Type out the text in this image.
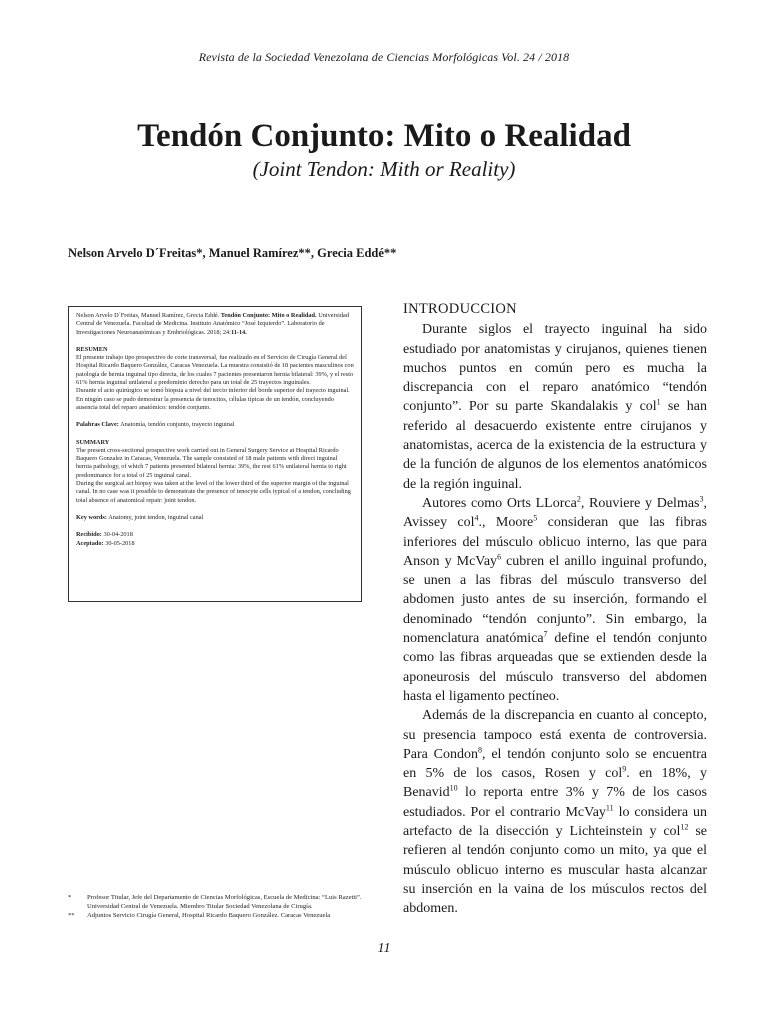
Revista de la Sociedad Venezolana de Ciencias Morfológicas Vol. 24 / 2018
Tendón Conjunto: Mito o Realidad
(Joint Tendon: Mith or Reality)
Nelson Arvelo D´Freitas*, Manuel Ramírez**, Grecia Eddé**

Nelson Arvelo D´Freitas, Manuel Ramírez, Grecia Eddé. Tendón Conjunto: Mito o Realidad. Universidad Central de Venezuela. Facultad de Medicina. Instituto Anatómico “José Izquierdo”. Laboratorio de Investigaciones Neuroanatómicas y Embriológicas. 2018; 24:11-14.

RESUMEN

El presente trabajo tipo prospectivo de corte transversal, fue realizado en el Servicio de Cirugía General del Hospital Ricardo Baquero González, Caracas Venezuela. La muestra consistió de 18 pacientes masculinos con patología de hernia inguinal tipo directa, de los cuales 7 pacientes presentaron hernia bilateral: 39%, y el resto 61% hernia inguinal unilateral a predominio derecho para un total de 25 trayectos inguinales.

Durante el acto quirúrgico se tomó biopsia a nivel del tercio inferior del borde superior del trayecto inguinal. En ningún caso se pudo demostrar la presencia de tenocitos, células típicas de un tendón, concluyendo ausencia total del reparo anatómico: tendón conjunto.

Palabras Clave: Anatomía, tendón conjunto, trayecto inguinal

SUMMARY

The present cross-sectional prospective work carried out in General Surgery Service at Hospital Ricardo Baquero Gonzalez in Caracas, Venezuela. The sample consisted of 18 male patients with direct inguinal hernia pathology, of which 7 patients presented bilateral hernia: 39%, the rest 61% unilateral hernia to right predominance for a total of 25 inguinal canal.

During the surgical act biopsy was taken at the level of the lower third of the superior margin of the inguinal canal. In no case was it possible to demonstrate the presence of tenocyte cells typical of a tendon, concluding total absence of anatomical repair: joint tendon.

Key words: Anatomy, joint tendon, inguinal canal

Recibido: 30-04-2018

Aceptado: 30-05-2018

INTRODUCCION

Durante siglos el trayecto inguinal ha sido estudiado por anatomistas y cirujanos, quienes tienen muchos puntos en común pero es mucha la discrepancia con el reparo anatómico “tendón conjunto”. Por su parte Skandalakis y col$^1$ se han referido al desacuerdo existente entre cirujanos y anatomistas, acerca de la existencia de la estructura y de la función de algunos de los elementos anatómicos de la región inguinal.

Autores como Orts LLorca$^2$, Rouviere y Delmas$^3$, Avissey col$^4$., Moore$^5$ consideran que las fibras inferiores del músculo oblicuo interno, las que para Anson y McVay$^6$ cubren el anillo inguinal profundo, se unen a las fibras del músculo transverso del abdomen justo antes de su inserción, formando el denominado “tendón conjunto”. Sin embargo, la nomenclatura anatómica$^7$ define el tendón conjunto como las fibras arqueadas que se extienden desde la aponeurosis del músculo transverso del abdomen hasta el ligamento pectíneo.

Además de la discrepancia en cuanto al concepto, su presencia tampoco está exenta de controversia. Para Condon$^8$, el tendón conjunto solo se encuentra en 5% de los casos, Rosen y col$^9$. en 18%, y Benavid$^{10}$ lo reporta entre 3% y 7% de los casos estudiados. Por el contrario McVay$^{11}$ lo considera un artefacto de la disección y Lichteinstein y col$^{12}$ se refieren al tendón conjunto como un mito, ya que el músculo oblicuo interno es muscular hasta alcanzar su inserción en la vaina de los músculos rectos del abdomen.

*	Profesor Titular, Jefe del Departamento de Ciencias Morfológicas, Escuela de Medicina: “Luis Razetti”. Universidad Central de Venezuela. Miembro Titular Sociedad Venezolana de Cirugía.
**	Adjuntos Servicio Cirugía General, Hospital Ricardo Baquero González. Caracas Venezuela
11
